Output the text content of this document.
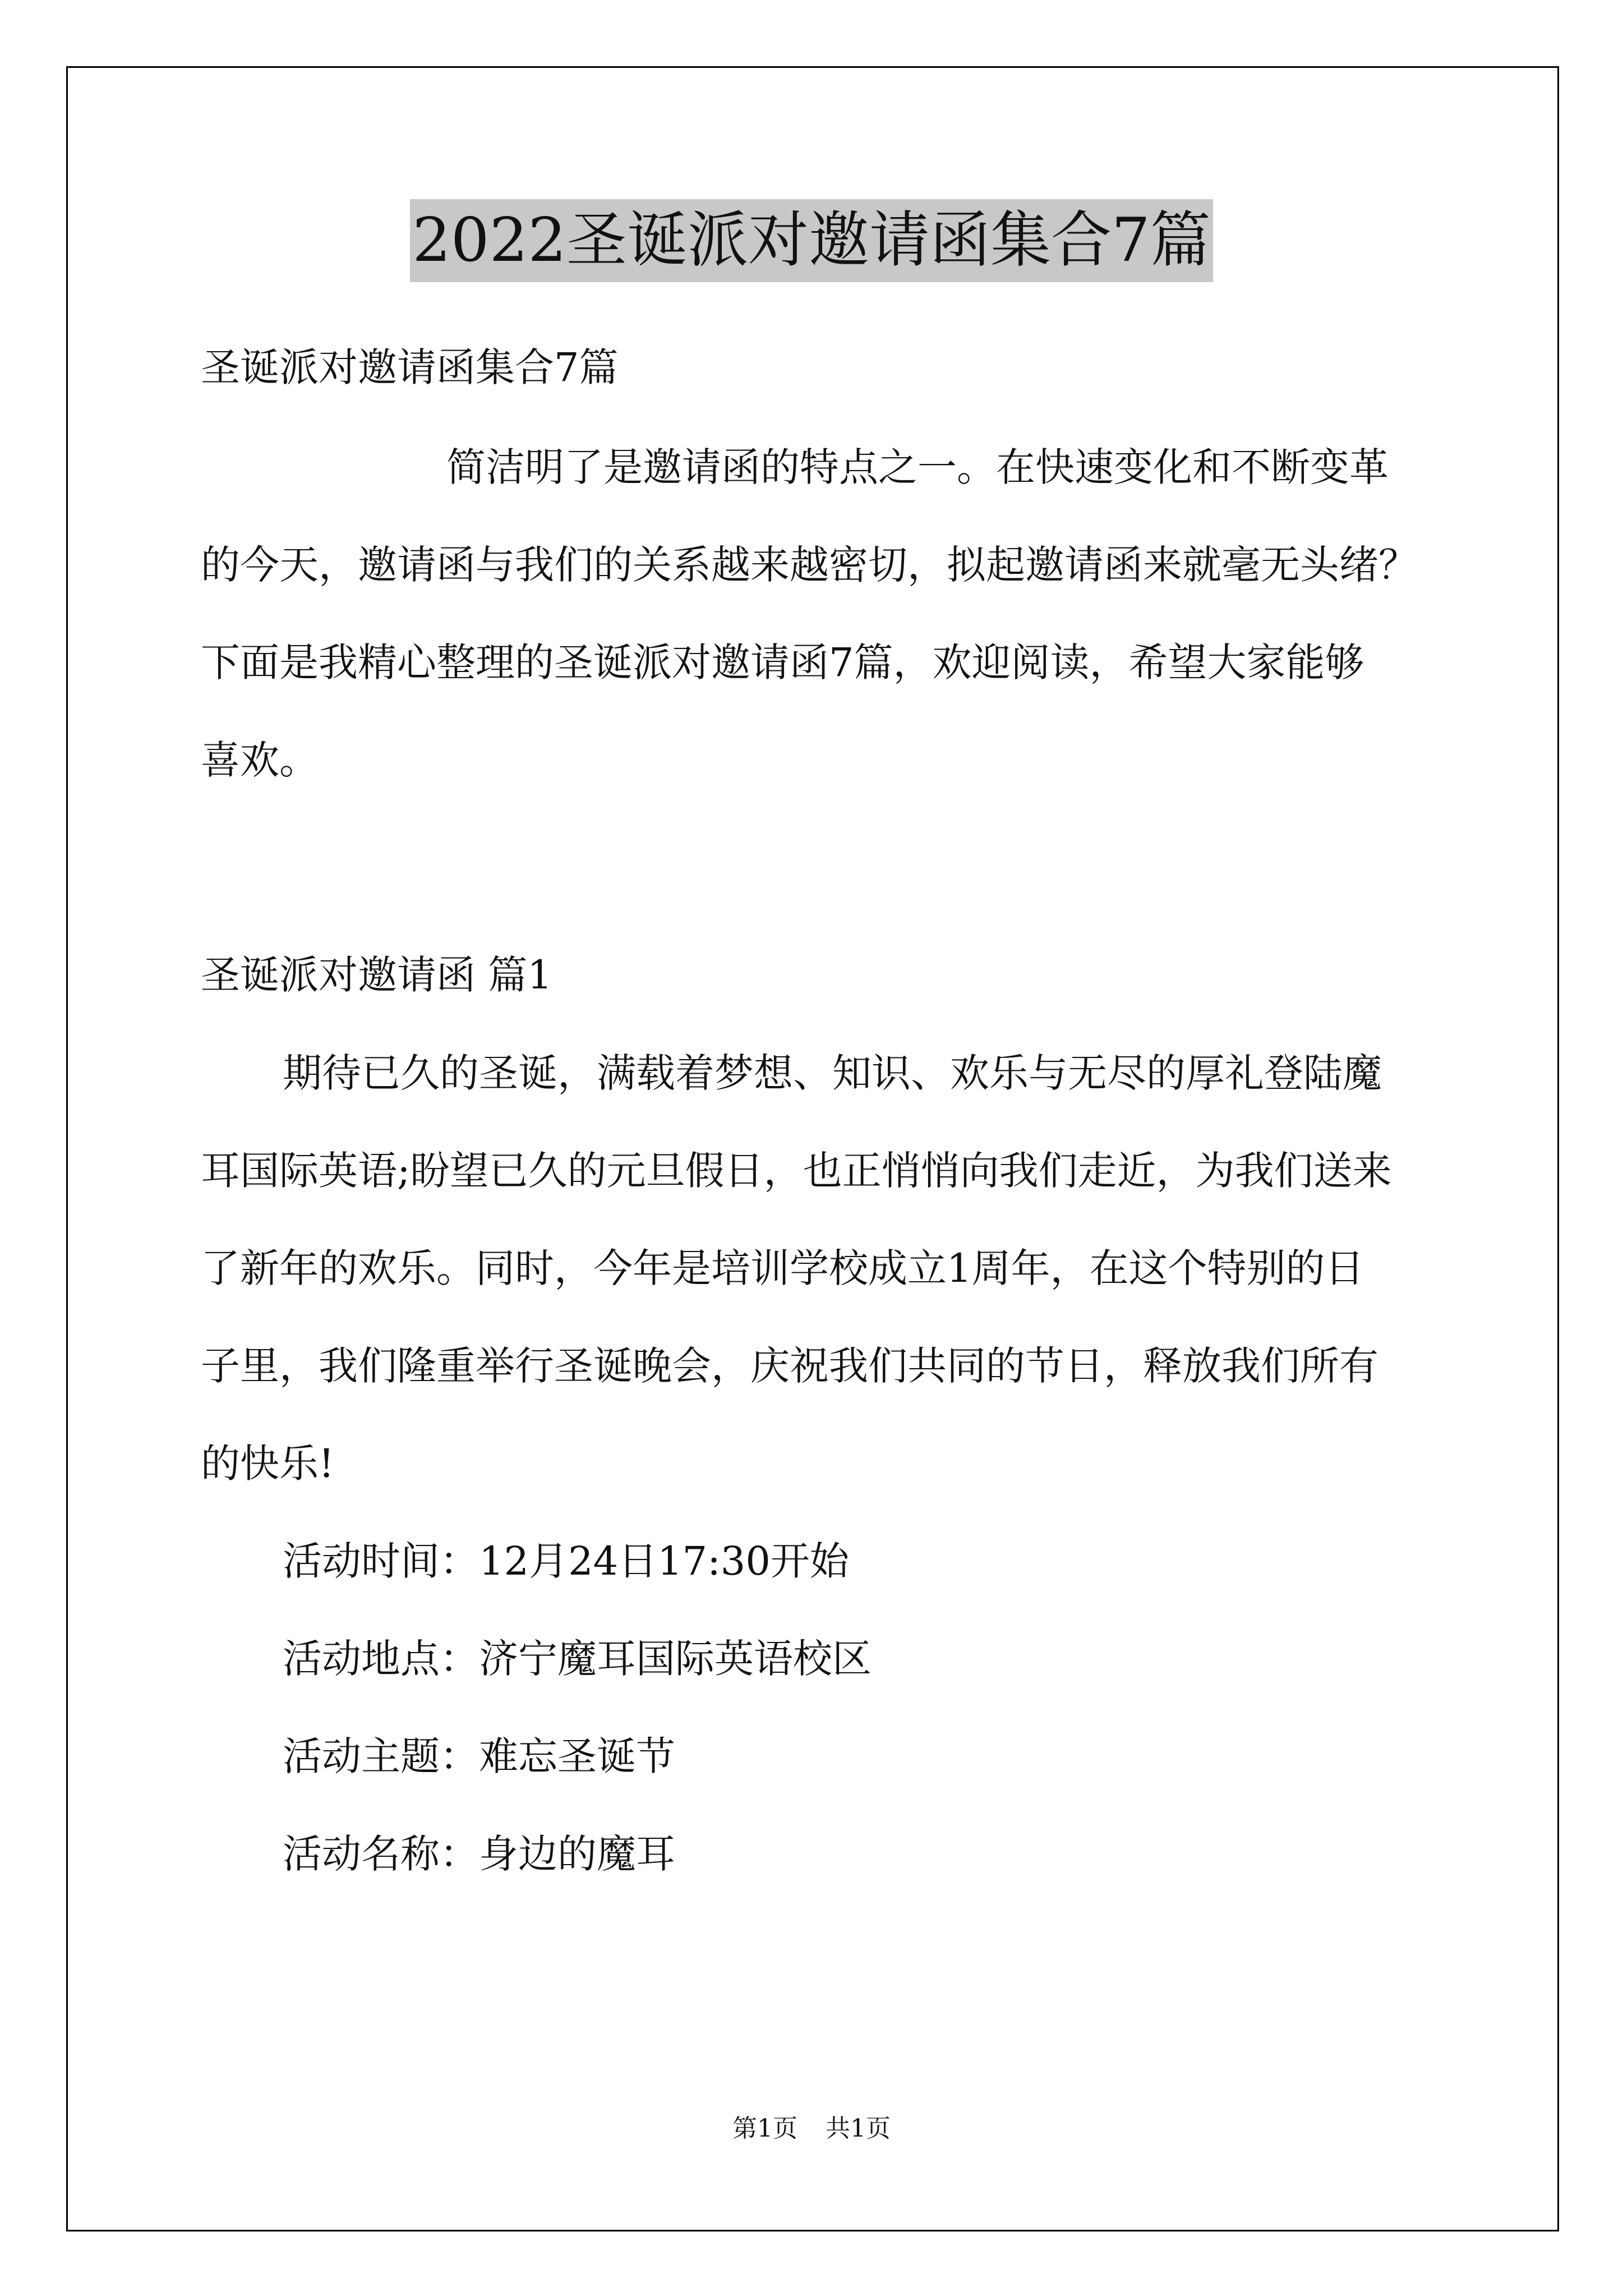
2022圣诞派对邀请函集合7篇
圣诞派对邀请函集合7篇
简洁明了是邀请函的特点之一。在快速变化和不断变革
的今天，邀请函与我们的关系越来越密切，拟起邀请函来就毫无头绪？
下面是我精心整理的圣诞派对邀请函7篇，欢迎阅读，希望大家能够
喜欢。
圣诞派对邀请函 篇1
期待已久的圣诞，满载着梦想、知识、欢乐与无尽的厚礼登陆魔
耳国际英语;盼望已久的元旦假日，也正悄悄向我们走近，为我们送来
了新年的欢乐。同时，今年是培训学校成立1周年，在这个特别的日
子里，我们隆重举行圣诞晚会，庆祝我们共同的节日，释放我们所有
的快乐!
活动时间：12月24日17:30开始
活动地点：济宁魔耳国际英语校区
活动主题：难忘圣诞节
活动名称：身边的魔耳
第1页 共1页
